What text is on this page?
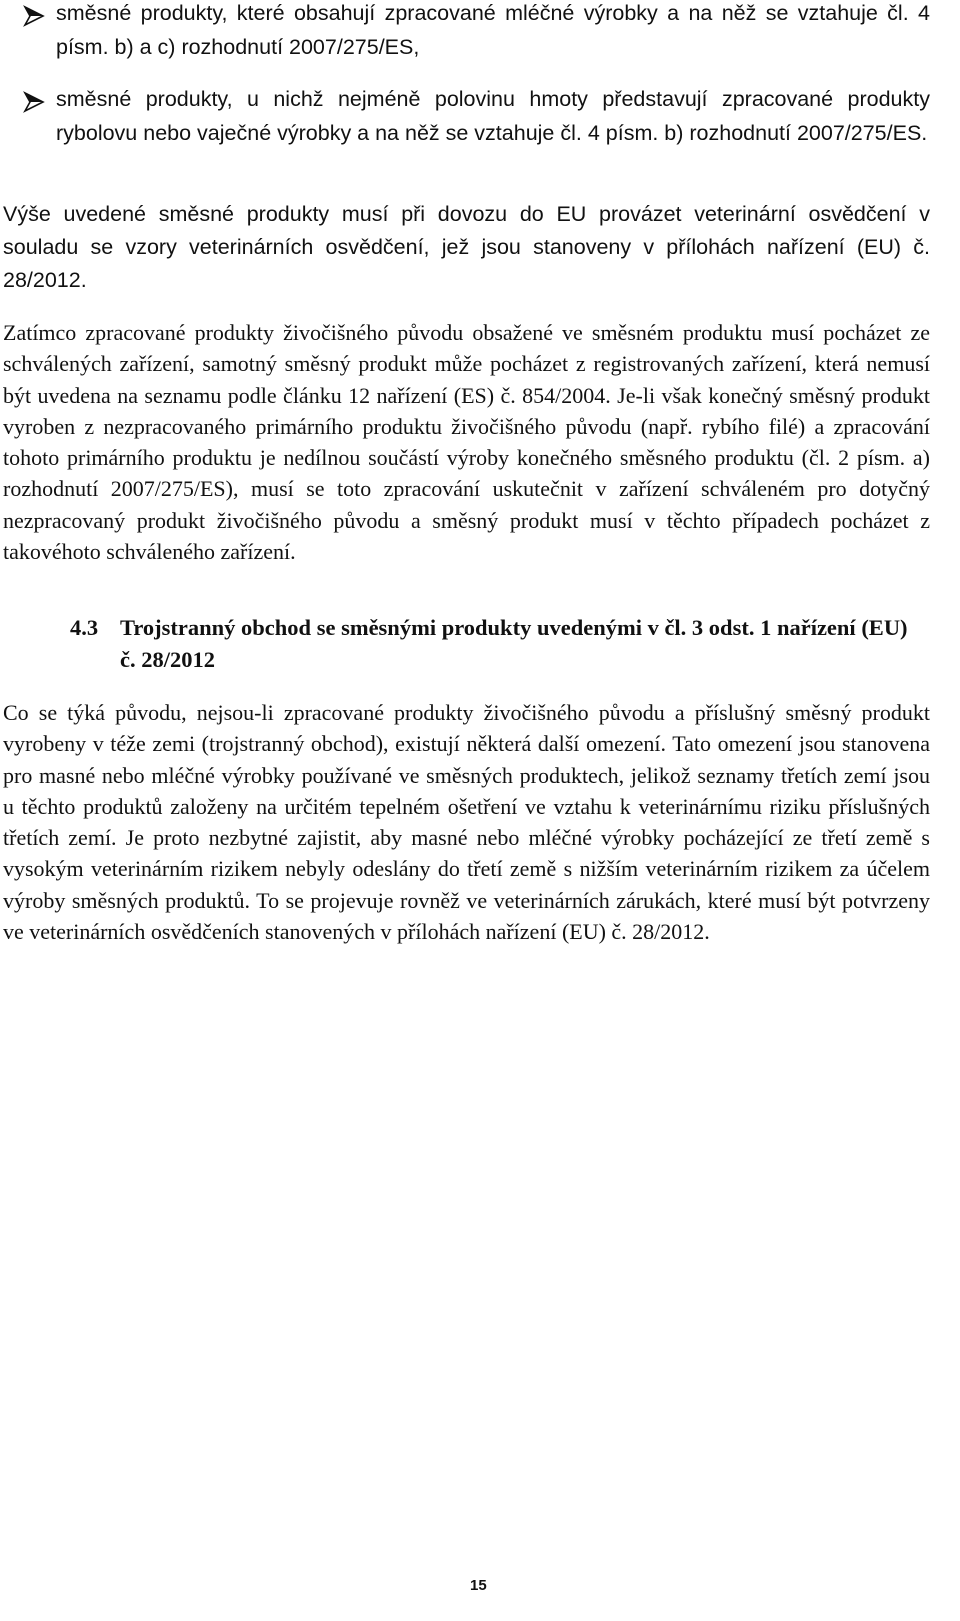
směsné produkty, které obsahují zpracované mléčné výrobky a na něž se vztahuje čl. 4 písm. b) a c) rozhodnutí 2007/275/ES,
směsné produkty, u nichž nejméně polovinu hmoty představují zpracované produkty rybolovu nebo vaječné výrobky a na něž se vztahuje čl. 4 písm. b) rozhodnutí 2007/275/ES.
Výše uvedené směsné produkty musí při dovozu do EU provázet veterinární osvědčení v souladu se vzory veterinárních osvědčení, jež jsou stanoveny v přílohách nařízení (EU) č. 28/2012.
Zatímco zpracované produkty živočišného původu obsažené ve směsném produktu musí pocházet ze schválených zařízení, samotný směsný produkt může pocházet z registrovaných zařízení, která nemusí být uvedena na seznamu podle článku 12 nařízení (ES) č. 854/2004. Je-li však konečný směsný produkt vyroben z nezpracovaného primárního produktu živočišného původu (např. rybího filé) a zpracování tohoto primárního produktu je nedílnou součástí výroby konečného směsného produktu (čl. 2 písm. a) rozhodnutí 2007/275/ES), musí se toto zpracování uskutečnit v zařízení schváleném pro dotyčný nezpracovaný produkt živočišného původu a směsný produkt musí v těchto případech pocházet z takovéhoto schváleného zařízení.
4.3 Trojstranný obchod se směsnými produkty uvedenými v čl. 3 odst. 1 nařízení (EU) č. 28/2012
Co se týká původu, nejsou-li zpracované produkty živočišného původu a příslušný směsný produkt vyrobeny v téže zemi (trojstranný obchod), existují některá další omezení. Tato omezení jsou stanovena pro masné nebo mléčné výrobky používané ve směsných produktech, jelikož seznamy třetích zemí jsou u těchto produktů založeny na určitém tepelném ošetření ve vztahu k veterinárnímu riziku příslušných třetích zemí. Je proto nezbytné zajistit, aby masné nebo mléčné výrobky pocházející ze třetí země s vysokým veterinárním rizikem nebyly odeslány do třetí země s nižším veterinárním rizikem za účelem výroby směsných produktů. To se projevuje rovněž ve veterinárních zárukách, které musí být potvrzeny ve veterinárních osvědčeních stanovených v přílohách nařízení (EU) č. 28/2012.
15
